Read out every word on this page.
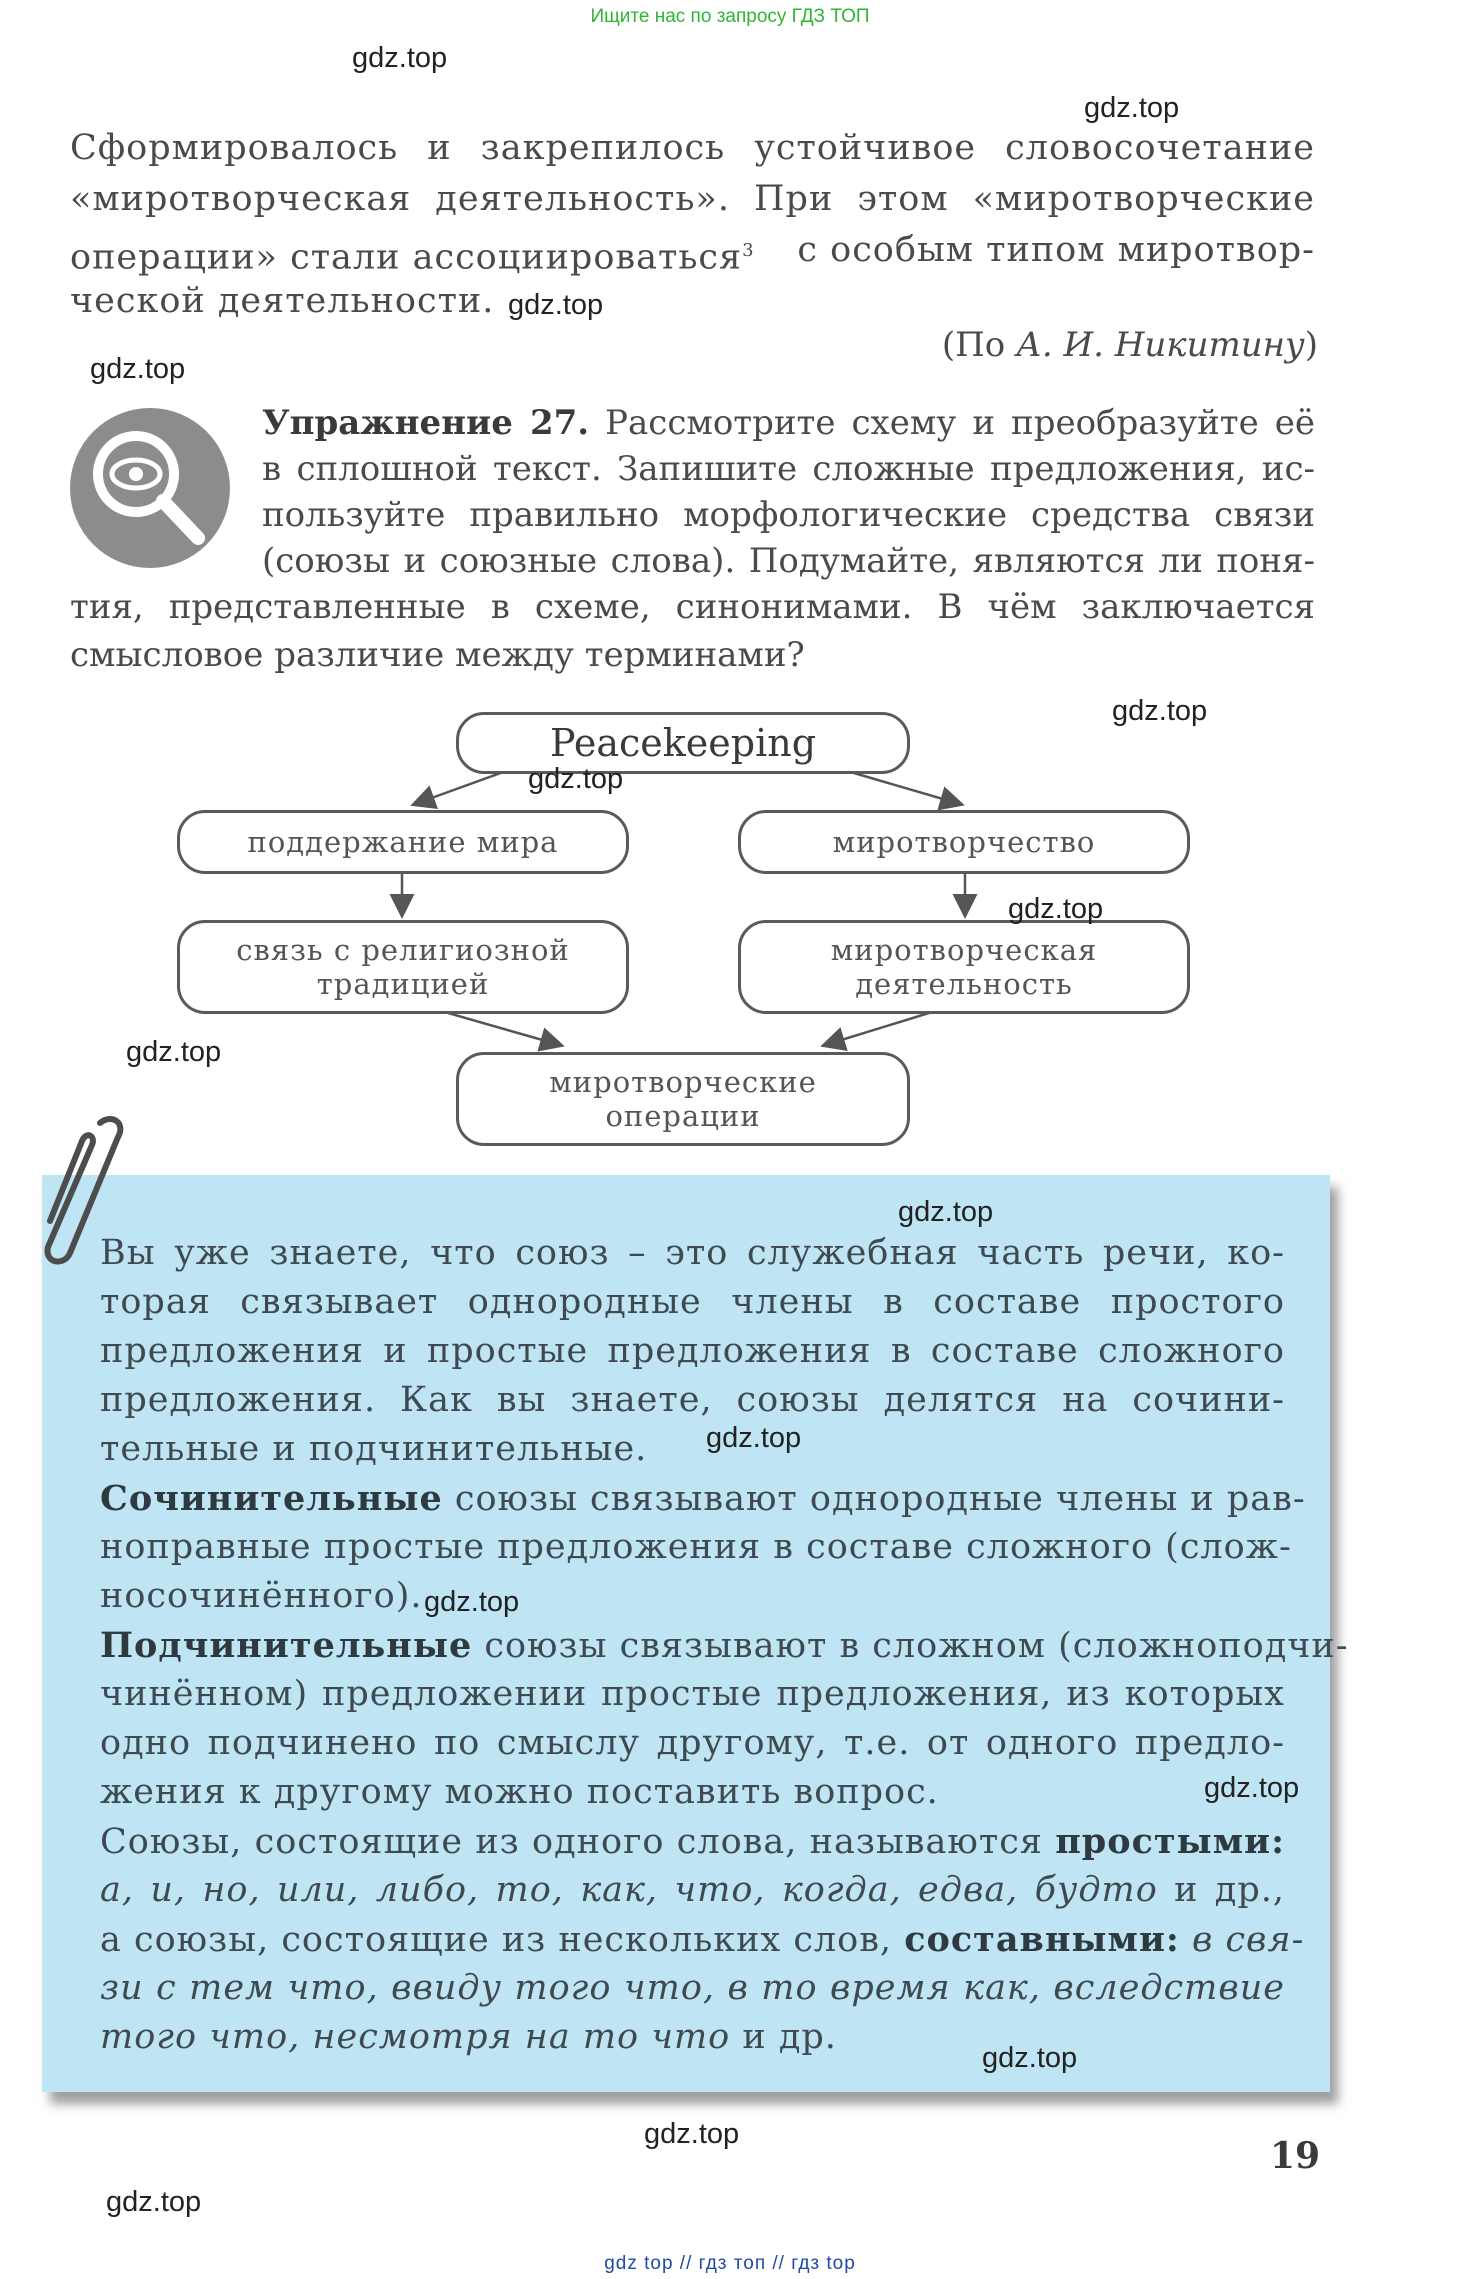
Ищите нас по запросу ГДЗ ТОП
Сформировалось и закрепилось устойчивое словосочетание
«миротворческая деятельность». При этом «миротворческие
операции» стали ассоциироваться$^3$ с особым типом миротвор-
ческой деятельности.
(По А. И. Никитину)
Упражнение 27. Рассмотрите схему и преобразуйте её
в сплошной текст. Запишите сложные предложения, ис-
пользуйте правильно морфологические средства связи
(союзы и союзные слова). Подумайте, являются ли поня-
тия, представленные в схеме, синонимами. В чём заключается
смысловое различие между терминами?
Peacekeeping
поддержание мира	миротворчество
связь с религиозной
традицией
миротворческая
деятельность
миротворческие
операции
Вы уже знаете, что союз – это служебная часть речи, ко-
торая связывает однородные члены в составе простого
предложения и простые предложения в составе сложного
предложения. Как вы знаете, союзы делятся на сочини-
тельные и подчинительные.
Сочинительные союзы связывают однородные члены и рав-
ноправные простые предложения в составе сложного (слож-
носочинённого).
Подчинительные союзы связывают в сложном (сложноподчи-
чинённом) предложении простые предложения, из которых
одно подчинено по смыслу другому, т.е. от одного предло-
жения к другому можно поставить вопрос.
Союзы, состоящие из одного слова, называются простыми:
а, и, но, или, либо, то, как, что, когда, едва, будто и др.,
а союзы, состоящие из нескольких слов, составными: в свя-
зи с тем что, ввиду того что, в то время как, вследствие
того что, несмотря на то что и др.
19
gdz.top
gdz.top
gdz.top
gdz.top
gdz.top
gdz.top
gdz.top
gdz.top
gdz.top
gdz.top
gdz.top
gdz.top
gdz.top
gdz.top
gdz.top
gdz top // гдз топ // гдз top
